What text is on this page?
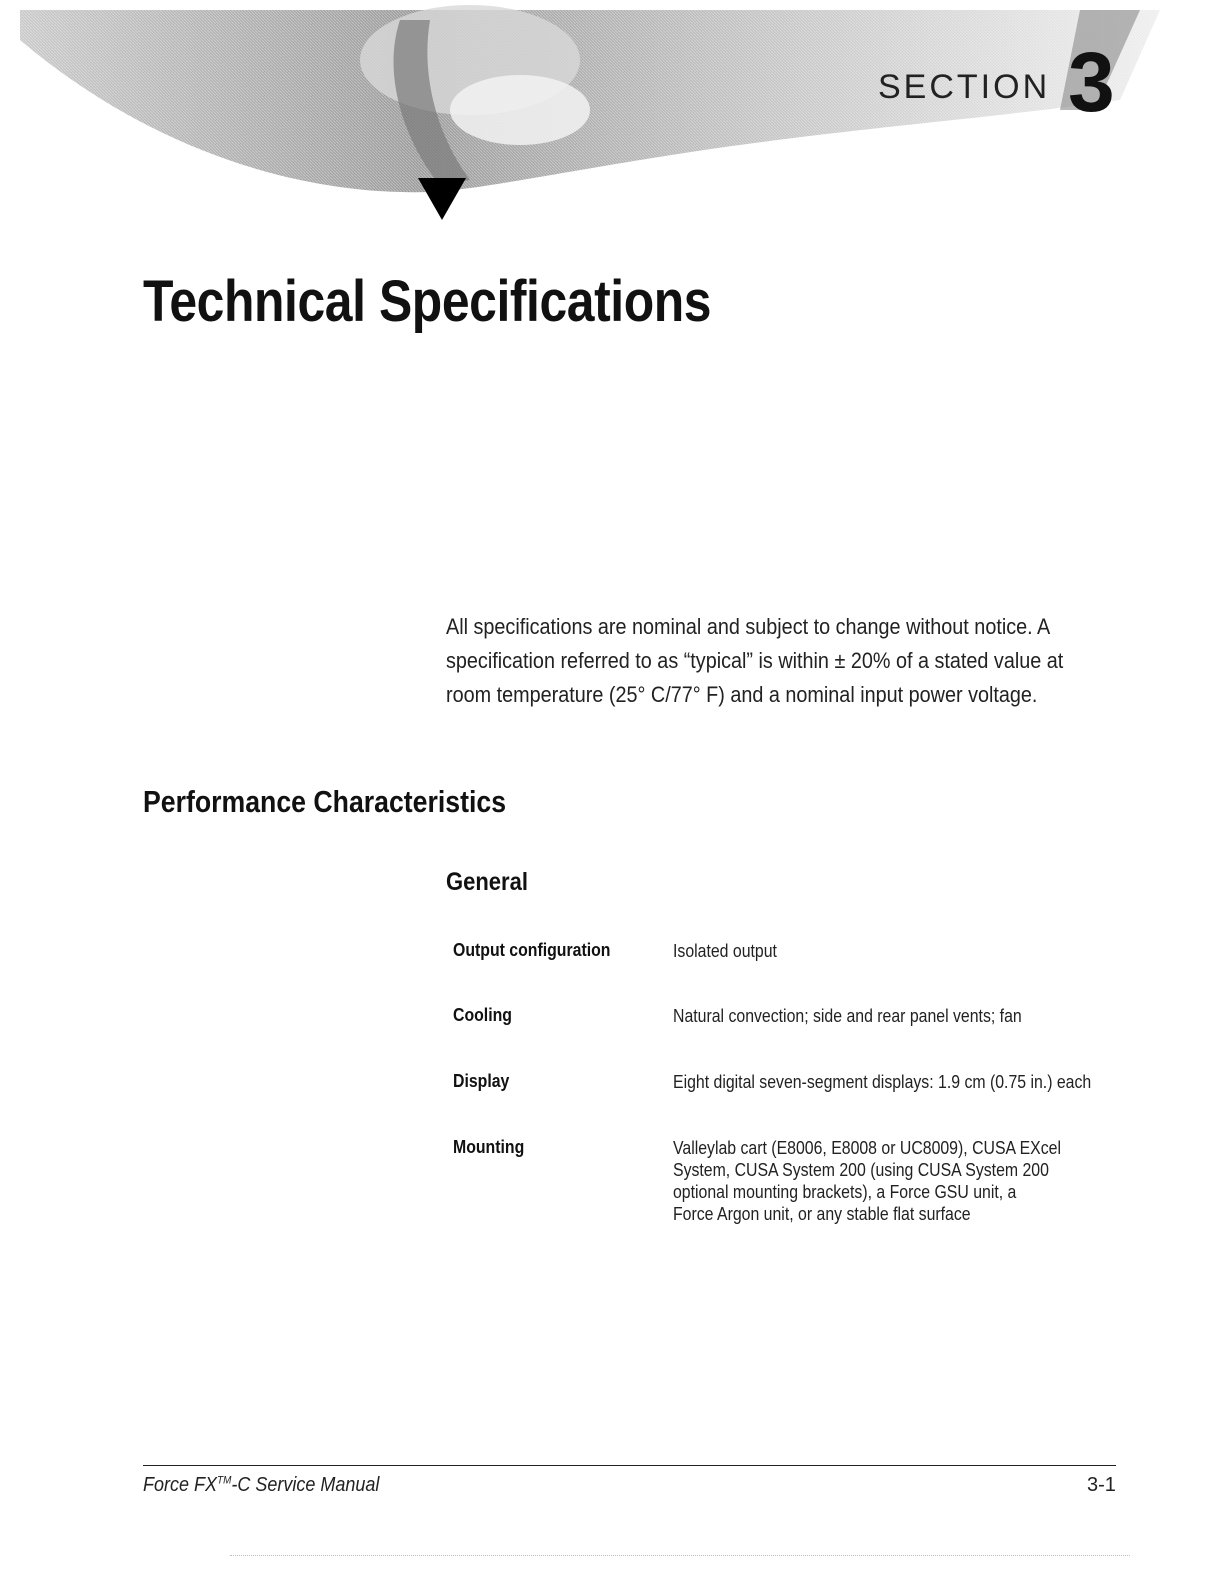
SECTION 3
Technical Specifications

All specifications are nominal and subject to change without notice. A specification referred to as “typical” is within ± 20% of a stated value at room temperature (25° C/77° F) and a nominal input power voltage.

Performance Characteristics
General
Output configuration	Isolated output
Cooling	Natural convection; side and rear panel vents; fan
Display	Eight digital seven-segment displays: 1.9 cm (0.75 in.) each
Mounting	Valleylab cart (E8006, E8008 or UC8009), CUSA EXcel
System, CUSA System 200 (using CUSA System 200
optional mounting brackets), a Force GSU unit, a
Force Argon unit, or any stable flat surface
Force FX™-C Service Manual	3-1
